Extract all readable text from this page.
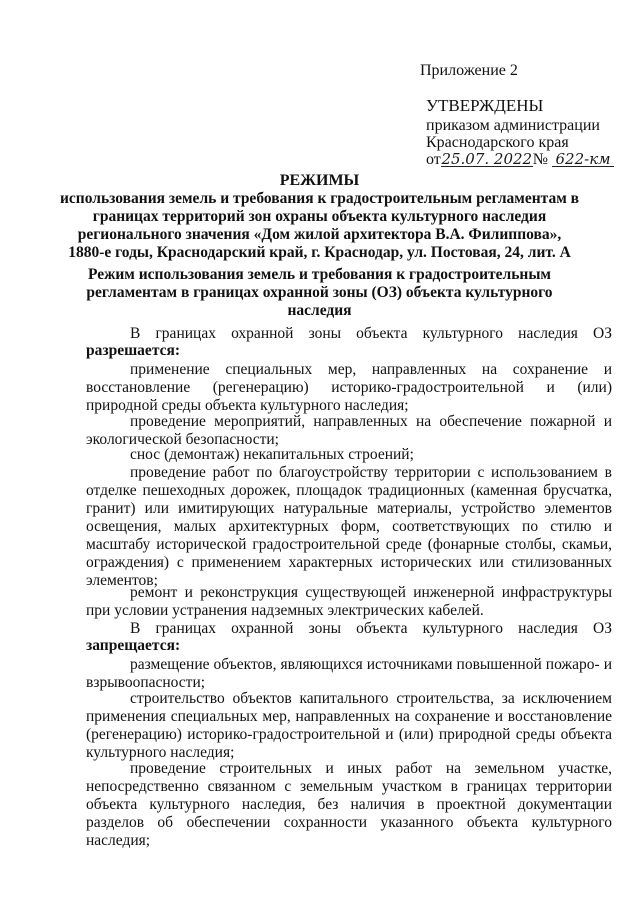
Приложение 2
УТВЕРЖДЕНЫ
приказом администрации
Краснодарского края
от25.07. 2022№ 622-км
РЕЖИМЫ
использования земель и требования к градостроительным регламентам в
границах территорий зон охраны объекта культурного наследия
регионального значения «Дом жилой архитектора В.А. Филиппова»,
1880-е годы, Краснодарский край, г. Краснодар, ул. Постовая, 24, лит. А
Режим использования земель и требования к градостроительным
регламентам в границах охранной зоны (ОЗ) объекта культурного
наследия
В границах охранной зоны объекта культурного наследия ОЗ
разрешается:
применение специальных мер, направленных на сохранение и восстановление (регенерацию) историко-градостроительной и (или) природной среды объекта культурного наследия;
проведение мероприятий, направленных на обеспечение пожарной и экологической безопасности;
снос (демонтаж) некапитальных строений;
проведение работ по благоустройству территории с использованием в отделке пешеходных дорожек, площадок традиционных (каменная брусчатка, гранит) или имитирующих натуральные материалы, устройство элементов освещения, малых архитектурных форм, соответствующих по стилю и масштабу исторической градостроительной среде (фонарные столбы, скамьи, ограждения) с применением характерных исторических или стилизованных элементов;
ремонт и реконструкция существующей инженерной инфраструктуры при условии устранения надземных электрических кабелей.
В границах охранной зоны объекта культурного наследия ОЗ
запрещается:
размещение объектов, являющихся источниками повышенной пожаро- и взрывоопасности;
строительство объектов капитального строительства, за исключением применения специальных мер, направленных на сохранение и восстановление (регенерацию) историко-градостроительной и (или) природной среды объекта культурного наследия;
проведение строительных и иных работ на земельном участке, непосредственно связанном с земельным участком в границах территории объекта культурного наследия, без наличия в проектной документации разделов об обеспечении сохранности указанного объекта культурного наследия;
